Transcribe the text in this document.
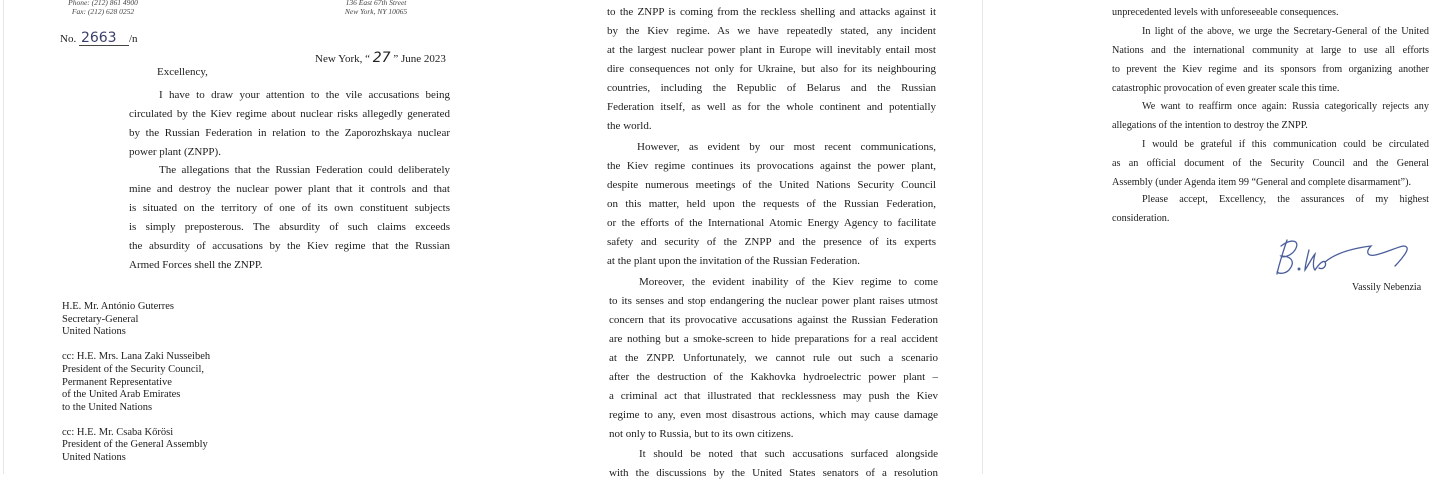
Phone: (212) 861 4900
Fax: (212) 628 0252
136 East 67th Street
New York, NY 10065
No. 2663 /n
New York, “ 27 ” June 2023
Excellency,
I have to draw your attention to the vile accusations being
circulated by the Kiev regime about nuclear risks allegedly generated
by the Russian Federation in relation to the Zaporozhskaya nuclear
power plant (ZNPP).
The allegations that the Russian Federation could deliberately
mine and destroy the nuclear power plant that it controls and that
is situated on the territory of one of its own constituent subjects
is simply preposterous. The absurdity of such claims exceeds
the absurdity of accusations by the Kiev regime that the Russian
Armed Forces shell the ZNPP.
H.E. Mr. António Guterres
Secretary-General
United Nations
cc: H.E. Mrs. Lana Zaki Nusseibeh
President of the Security Council,
Permanent Representative
of the United Arab Emirates
to the United Nations
cc: H.E. Mr. Csaba Kőrösi
President of the General Assembly
United Nations
to the ZNPP is coming from the reckless shelling and attacks against it
by the Kiev regime. As we have repeatedly stated, any incident
at the largest nuclear power plant in Europe will inevitably entail most
dire consequences not only for Ukraine, but also for its neighbouring
countries, including the Republic of Belarus and the Russian
Federation itself, as well as for the whole continent and potentially
the world.
However, as evident by our most recent communications,
the Kiev regime continues its provocations against the power plant,
despite numerous meetings of the United Nations Security Council
on this matter, held upon the requests of the Russian Federation,
or the efforts of the International Atomic Energy Agency to facilitate
safety and security of the ZNPP and the presence of its experts
at the plant upon the invitation of the Russian Federation.
Moreover, the evident inability of the Kiev regime to come
to its senses and stop endangering the nuclear power plant raises utmost
concern that its provocative accusations against the Russian Federation
are nothing but a smoke-screen to hide preparations for a real accident
at the ZNPP. Unfortunately, we cannot rule out such a scenario
after the destruction of the Kakhovka hydroelectric power plant –
a criminal act that illustrated that recklessness may push the Kiev
regime to any, even most disastrous actions, which may cause damage
not only to Russia, but to its own citizens.
It should be noted that such accusations surfaced alongside
with the discussions by the United States senators of a resolution
unprecedented levels with unforeseeable consequences.
In light of the above, we urge the Secretary-General of the United
Nations and the international community at large to use all efforts
to prevent the Kiev regime and its sponsors from organizing another
catastrophic provocation of even greater scale this time.
We want to reaffirm once again: Russia categorically rejects any
allegations of the intention to destroy the ZNPP.
I would be grateful if this communication could be circulated
as an official document of the Security Council and the General
Assembly (under Agenda item 99 “General and complete disarmament”).
Please accept, Excellency, the assurances of my highest
consideration.
Vassily Nebenzia
